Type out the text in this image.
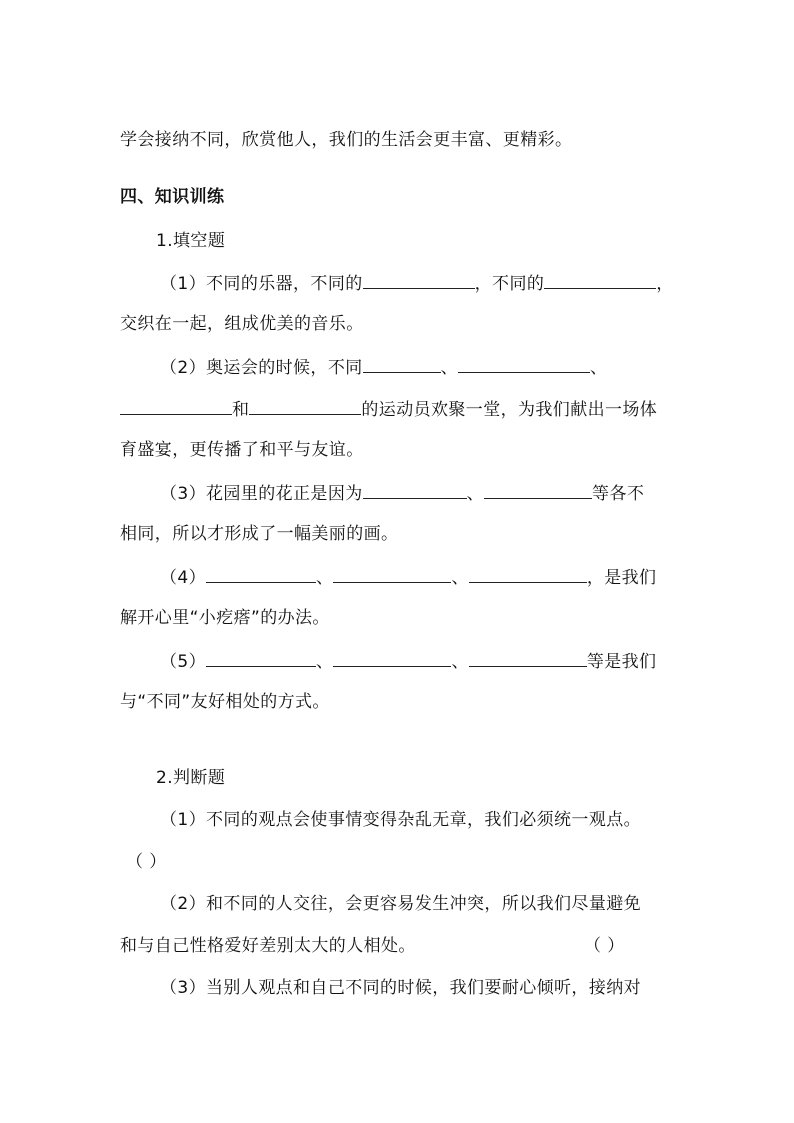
学会接纳不同，欣赏他人，我们的生活会更丰富、更精彩。
四、知识训练
1.填空题
（1）不同的乐器，不同的	，不同的	，
交织在一起，组成优美的音乐。
（2）奥运会的时候，不同	、	、
和	的运动员欢聚一堂，为我们献出一场体
育盛宴，更传播了和平与友谊。
（3）花园里的花正是因为	、	等各不
相同，所以才形成了一幅美丽的画。
（4）	、	、	，是我们
解开心里“小疙瘩”的办法。
（5）	、	、	等是我们
与“不同”友好相处的方式。
2.判断题
（1）不同的观点会使事情变得杂乱无章，我们必须统一观点。
（ ）
（2）和不同的人交往，会更容易发生冲突，所以我们尽量避免
和与自己性格爱好差别太大的人相处。	（ ）
（3）当别人观点和自己不同的时候，我们要耐心倾听，接纳对
